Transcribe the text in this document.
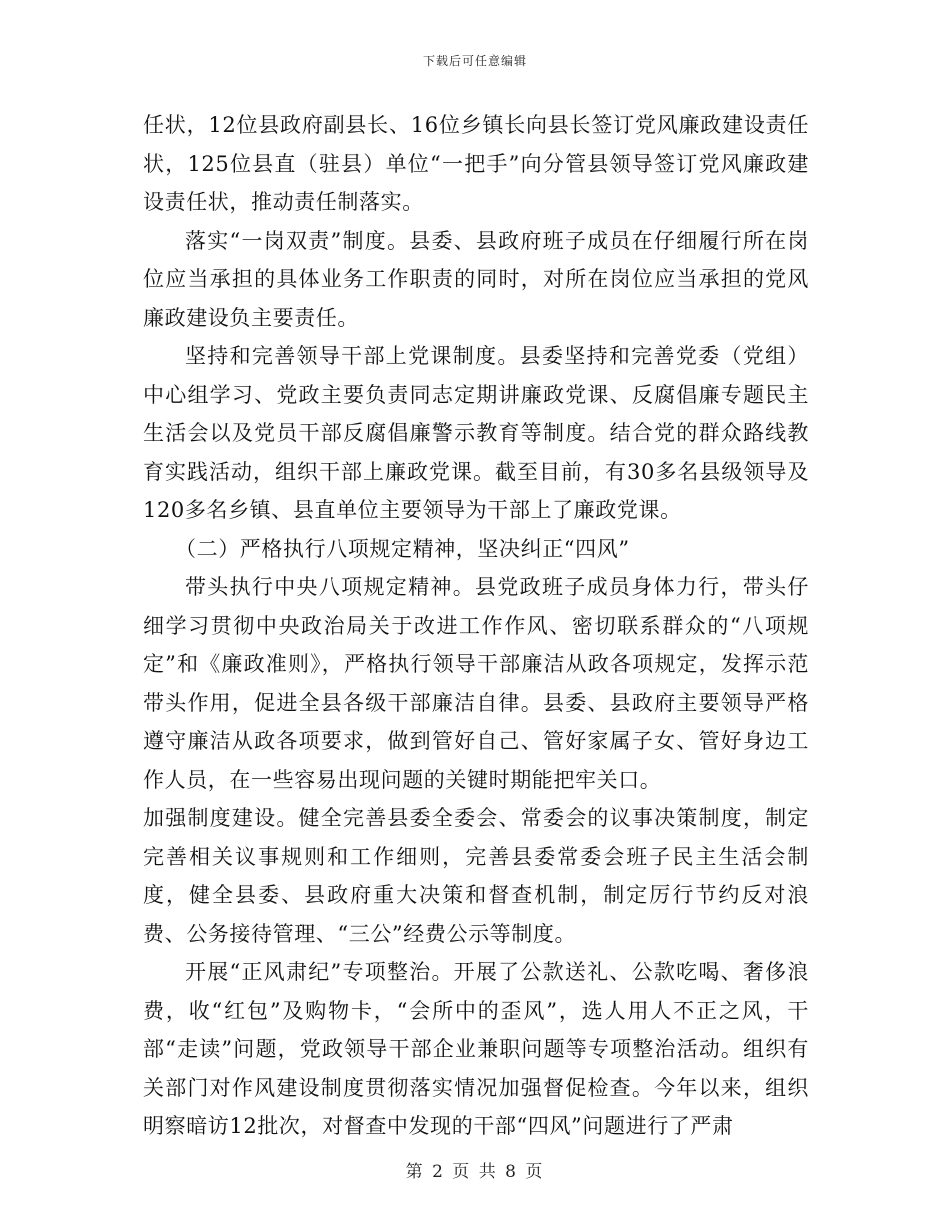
下载后可任意编辑

任状，12位县政府副县长、16位乡镇长向县长签订党风廉政建设责任状，125位县直（驻县）单位“一把手”向分管县领导签订党风廉政建设责任状，推动责任制落实。

落实“一岗双责”制度。县委、县政府班子成员在仔细履行所在岗位应当承担的具体业务工作职责的同时，对所在岗位应当承担的党风廉政建设负主要责任。

坚持和完善领导干部上党课制度。县委坚持和完善党委（党组）中心组学习、党政主要负责同志定期讲廉政党课、反腐倡廉专题民主生活会以及党员干部反腐倡廉警示教育等制度。结合党的群众路线教育实践活动，组织干部上廉政党课。截至目前，有30多名县级领导及120多名乡镇、县直单位主要领导为干部上了廉政党课。

（二）严格执行八项规定精神，坚决纠正“四风”

带头执行中央八项规定精神。县党政班子成员身体力行，带头仔细学习贯彻中央政治局关于改进工作作风、密切联系群众的“八项规定”和《廉政准则》，严格执行领导干部廉洁从政各项规定，发挥示范带头作用，促进全县各级干部廉洁自律。县委、县政府主要领导严格遵守廉洁从政各项要求，做到管好自己、管好家属子女、管好身边工作人员，在一些容易出现问题的关键时期能把牢关口。

加强制度建设。健全完善县委全委会、常委会的议事决策制度，制定完善相关议事规则和工作细则，完善县委常委会班子民主生活会制度，健全县委、县政府重大决策和督查机制，制定厉行节约反对浪费、公务接待管理、“三公”经费公示等制度。

开展“正风肃纪”专项整治。开展了公款送礼、公款吃喝、奢侈浪费，收“红包”及购物卡，“会所中的歪风”，选人用人不正之风，干部“走读”问题，党政领导干部企业兼职问题等专项整治活动。组织有关部门对作风建设制度贯彻落实情况加强督促检查。今年以来，组织明察暗访12批次，对督查中发现的干部“四风”问题进行了严肃

第 2 页 共 8 页
